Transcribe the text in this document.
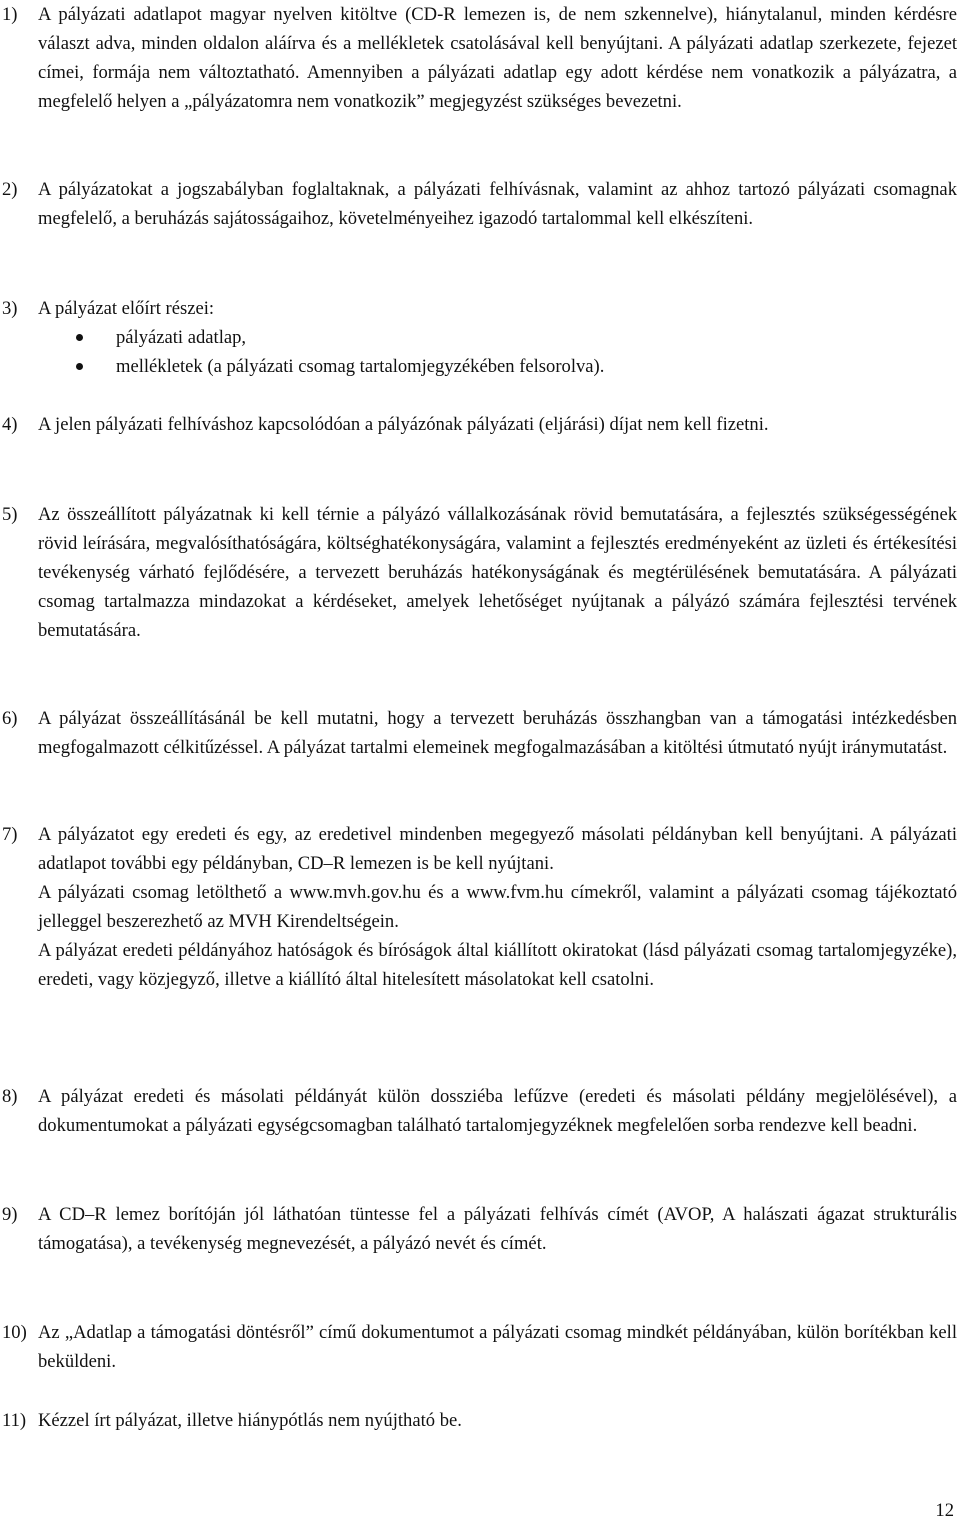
1) A pályázati adatlapot magyar nyelven kitöltve (CD-R lemezen is, de nem szkennelve), hiánytalanul, minden kérdésre választ adva, minden oldalon aláírva és a mellékletek csatolásával kell benyújtani. A pályázati adatlap szerkezete, fejezet címei, formája nem változtatható. Amennyiben a pályázati adatlap egy adott kérdése nem vonatkozik a pályázatra, a megfelelő helyen a „pályázatomra nem vonatkozik” megjegyzést szükséges bevezetni.

2) A pályázatokat a jogszabályban foglaltaknak, a pályázati felhívásnak, valamint az ahhoz tartozó pályázati csomagnak megfelelő, a beruházás sajátosságaihoz, követelményeihez igazodó tartalommal kell elkészíteni.

3) A pályázat előírt részei:

pályázati adatlap,
mellékletek (a pályázati csomag tartalomjegyzékében felsorolva).
4) A jelen pályázati felhíváshoz kapcsolódóan a pályázónak pályázati (eljárási) díjat nem kell fizetni.

5) Az összeállított pályázatnak ki kell térnie a pályázó vállalkozásának rövid bemutatására, a fejlesztés szükségességének rövid leírására, megvalósíthatóságára, költséghatékonyságára, valamint a fejlesztés eredményeként az üzleti és értékesítési tevékenység várható fejlődésére, a tervezett beruházás hatékonyságának és megtérülésének bemutatására. A pályázati csomag tartalmazza mindazokat a kérdéseket, amelyek lehetőséget nyújtanak a pályázó számára fejlesztési tervének bemutatására.

6) A pályázat összeállításánál be kell mutatni, hogy a tervezett beruházás összhangban van a támogatási intézkedésben megfogalmazott célkitűzéssel. A pályázat tartalmi elemeinek megfogalmazásában a kitöltési útmutató nyújt iránymutatást.

7) A pályázatot egy eredeti és egy, az eredetivel mindenben megegyező másolati példányban kell benyújtani. A pályázati adatlapot további egy példányban, CD–R lemezen is be kell nyújtani.

A pályázati csomag letölthető a www.mvh.gov.hu és a www.fvm.hu címekről, valamint a pályázati csomag tájékoztató jelleggel beszerezhető az MVH Kirendeltségein.

A pályázat eredeti példányához hatóságok és bíróságok által kiállított okiratokat (lásd pályázati csomag tartalomjegyzéke), eredeti, vagy közjegyző, illetve a kiállító által hitelesített másolatokat kell csatolni.

8) A pályázat eredeti és másolati példányát külön dossziéba lefűzve (eredeti és másolati példány megjelölésével), a dokumentumokat a pályázati egységcsomagban található tartalomjegyzéknek megfelelően sorba rendezve kell beadni.

9) A CD–R lemez borítóján jól láthatóan tüntesse fel a pályázati felhívás címét (AVOP, A halászati ágazat strukturális támogatása), a tevékenység megnevezését, a pályázó nevét és címét.

10) Az „Adatlap a támogatási döntésről” című dokumentumot a pályázati csomag mindkét példányában, külön borítékban kell beküldeni.

11) Kézzel írt pályázat, illetve hiánypótlás nem nyújtható be.

12
